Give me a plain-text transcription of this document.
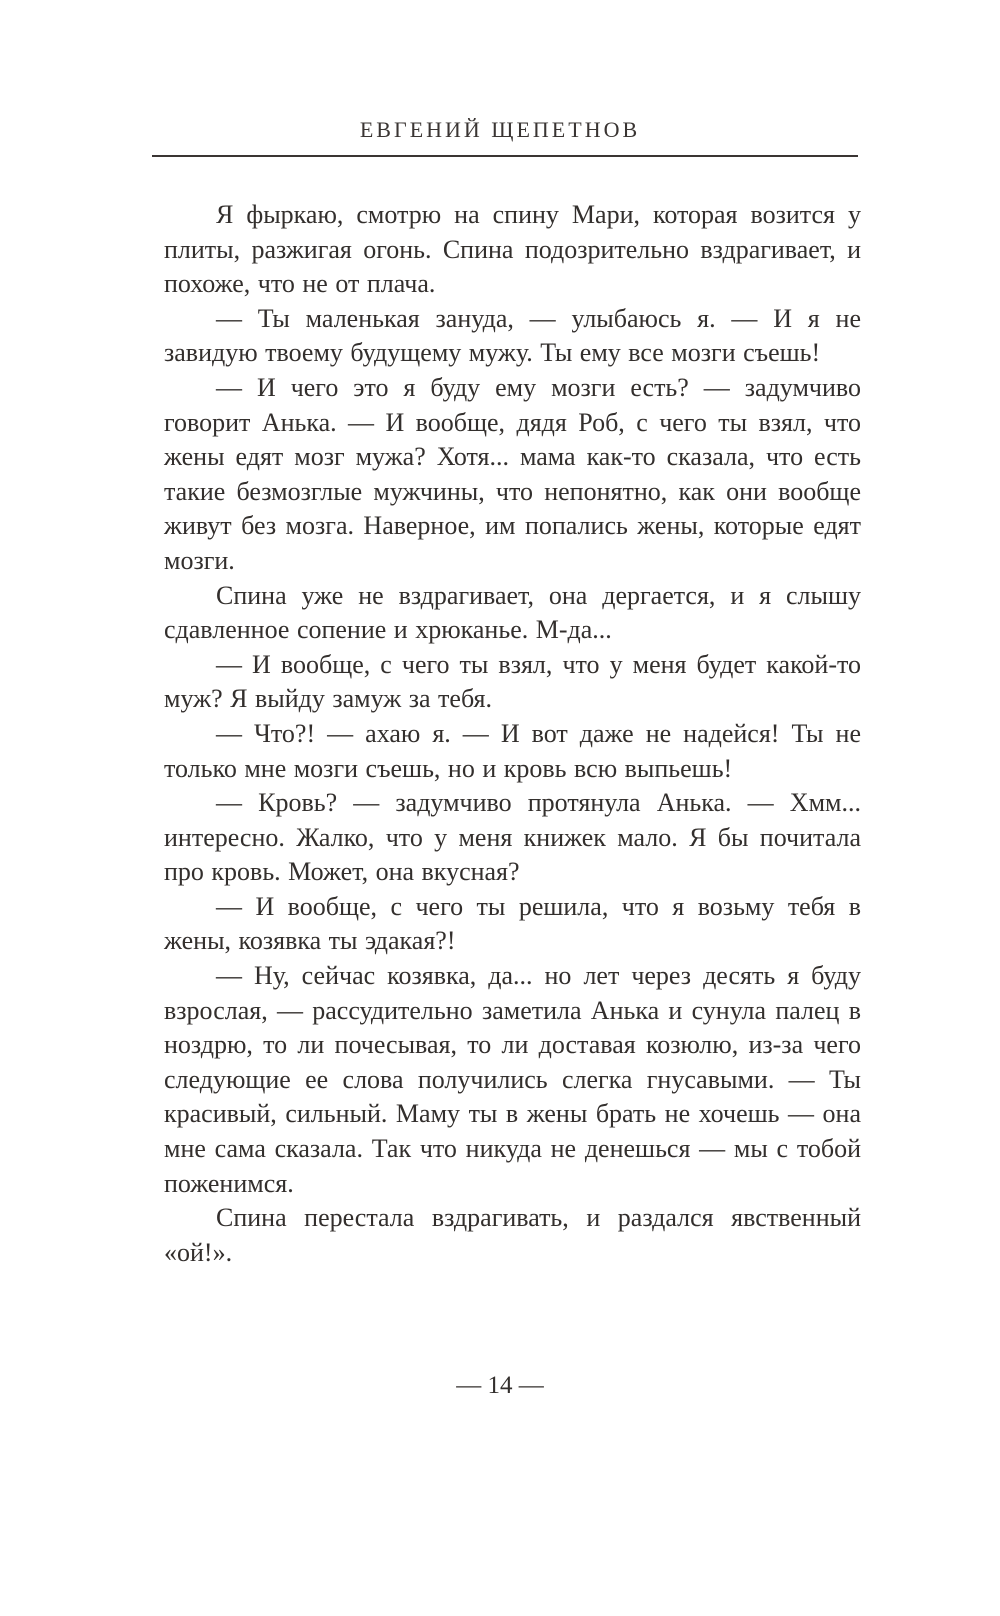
ЕВГЕНИЙ ЩЕПЕТНОВ

Я фыркаю, смотрю на спину Мари, которая возится у плиты, разжигая огонь. Спина подозрительно вздрагивает, и похоже, что не от плача.

— Ты маленькая зануда, — улыбаюсь я. — И я не завидую твоему будущему мужу. Ты ему все мозги съешь!

— И чего это я буду ему мозги есть? — задумчиво говорит Анька. — И вообще, дядя Роб, с чего ты взял, что жены едят мозг мужа? Хотя... мама как-то сказала, что есть такие безмозглые мужчины, что непонятно, как они вообще живут без мозга. Наверное, им попались жены, которые едят мозги.

Спина уже не вздрагивает, она дергается, и я слышу сдавленное сопение и хрюканье. М-да...

— И вообще, с чего ты взял, что у меня будет какой-то муж? Я выйду замуж за тебя.

— Что?! — ахаю я. — И вот даже не надейся! Ты не только мне мозги съешь, но и кровь всю выпьешь!

— Кровь? — задумчиво протянула Анька. — Хмм... интересно. Жалко, что у меня книжек мало. Я бы почитала про кровь. Может, она вкусная?

— И вообще, с чего ты решила, что я возьму тебя в жены, козявка ты эдакая?!

— Ну, сейчас козявка, да... но лет через десять я буду взрослая, — рассудительно заметила Анька и сунула палец в ноздрю, то ли почесывая, то ли доставая козюлю, из-за чего следующие ее слова получились слегка гнусавыми. — Ты красивый, сильный. Маму ты в жены брать не хочешь — она мне сама сказала. Так что никуда не денешься — мы с тобой поженимся.

Спина перестала вздрагивать, и раздался явственный «ой!».

— 14 —
